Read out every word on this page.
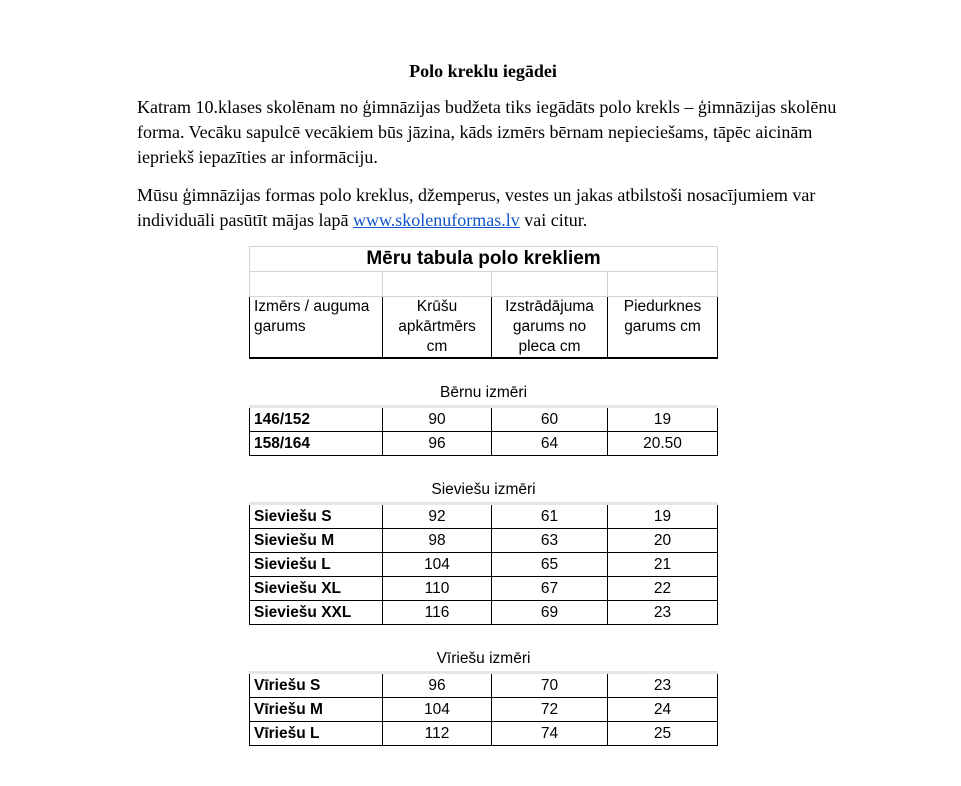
Polo kreklu iegādei
Katram 10.klases skolēnam no ģimnāzijas budžeta tiks iegādāts polo krekls – ģimnāzijas skolēnu forma. Vecāku sapulcē vecākiem būs jāzina, kāds izmērs bērnam nepieciešams, tāpēc aicinām iepriekš iepazīties ar informāciju.
Mūsu ģimnāzijas formas polo kreklus, džemperus, vestes un jakas atbilstoši nosacījumiem var individuāli pasūtīt mājas lapā www.skolenuformas.lv vai citur.
Mēru tabula polo krekliem			

Izmērs / auguma garums	Krūšu apkārtmērs cm	Izstrādājuma garums no pleca cm	Piedurknes garums cm

Bērnu izmēri			
146/152	90	60	19
158/164	96	64	20.50

Sieviešu izmēri			
Sieviešu S	92	61	19
Sieviešu M	98	63	20
Sieviešu L	104	65	21
Sieviešu XL	110	67	22
Sieviešu XXL	116	69	23

Vīriešu izmēri			
Vīriešu S	96	70	23
Vīriešu M	104	72	24
Vīriešu L	112	74	25
